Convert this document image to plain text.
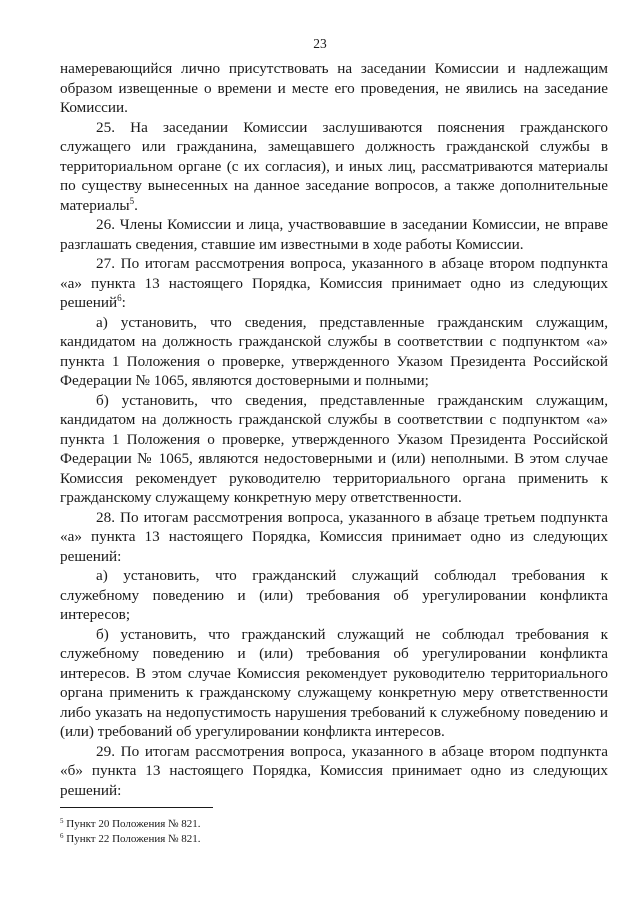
23

намеревающийся лично присутствовать на заседании Комиссии и надлежащим образом извещенные о времени и месте его проведения, не явились на заседание Комиссии.

25. На заседании Комиссии заслушиваются пояснения гражданского служащего или гражданина, замещавшего должность гражданской службы в территориальном органе (с их согласия), и иных лиц, рассматриваются материалы по существу вынесенных на данное заседание вопросов, а также дополнительные материалы$^5$.

26. Члены Комиссии и лица, участвовавшие в заседании Комиссии, не вправе разглашать сведения, ставшие им известными в ходе работы Комиссии.

27. По итогам рассмотрения вопроса, указанного в абзаце втором подпункта «а» пункта 13 настоящего Порядка, Комиссия принимает одно из следующих решений$^6$:

а) установить, что сведения, представленные гражданским служащим, кандидатом на должность гражданской службы в соответствии с подпунктом «а» пункта 1 Положения о проверке, утвержденного Указом Президента Российской Федерации № 1065, являются достоверными и полными;

б) установить, что сведения, представленные гражданским служащим, кандидатом на должность гражданской службы в соответствии с подпунктом «а» пункта 1 Положения о проверке, утвержденного Указом Президента Российской Федерации № 1065, являются недостоверными и (или) неполными. В этом случае Комиссия рекомендует руководителю территориального органа применить к гражданскому служащему конкретную меру ответственности.

28. По итогам рассмотрения вопроса, указанного в абзаце третьем подпункта «а» пункта 13 настоящего Порядка, Комиссия принимает одно из следующих решений:

а) установить, что гражданский служащий соблюдал требования к служебному поведению и (или) требования об урегулировании конфликта интересов;

б) установить, что гражданский служащий не соблюдал требования к служебному поведению и (или) требования об урегулировании конфликта интересов. В этом случае Комиссия рекомендует руководителю территориального органа применить к гражданскому служащему конкретную меру ответственности либо указать на недопустимость нарушения требований к служебному поведению и (или) требований об урегулировании конфликта интересов.

29. По итогам рассмотрения вопроса, указанного в абзаце втором подпункта «б» пункта 13 настоящего Порядка, Комиссия принимает одно из следующих решений:

$^5$ Пункт 20 Положения № 821.
$^6$ Пункт 22 Положения № 821.
